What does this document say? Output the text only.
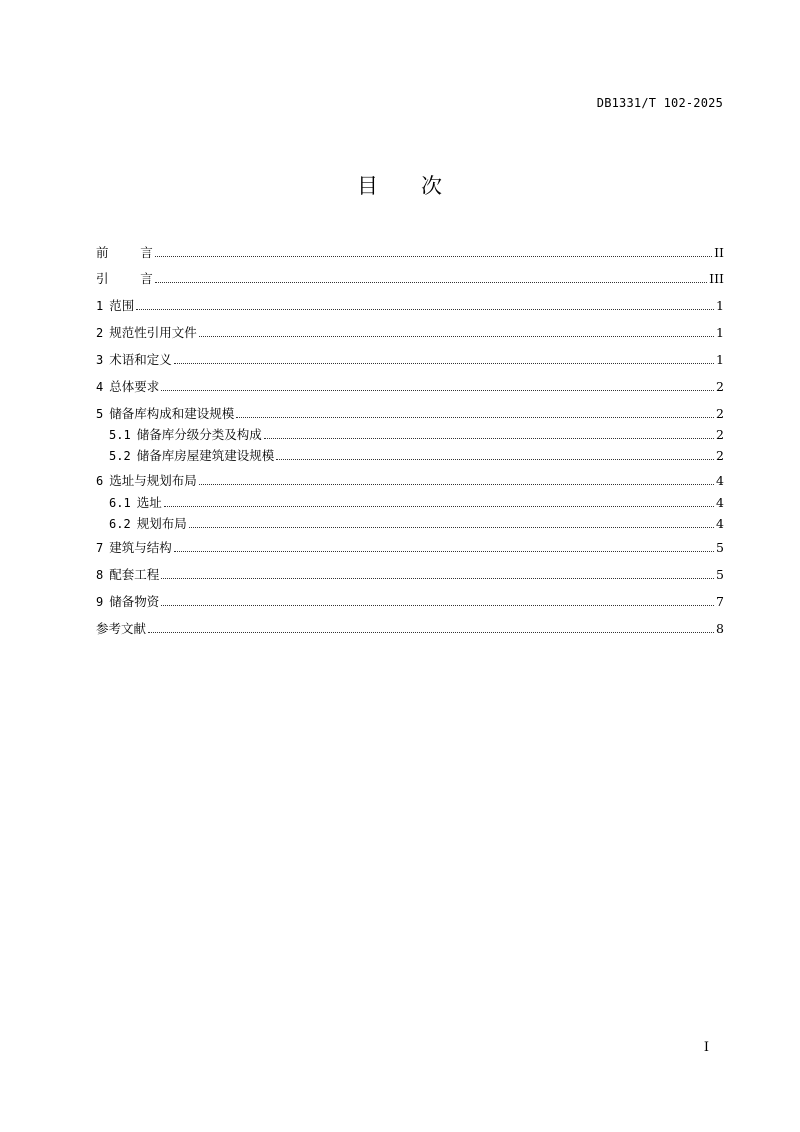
DB1331/T 102-2025
目 次
前        言	II
引        言	III
1 范围	1
2 规范性引用文件	1
3 术语和定义	1
4 总体要求	2
5 储备库构成和建设规模	2
5.1 储备库分级分类及构成	2
5.2 储备库房屋建筑建设规模	2
6 选址与规划布局	4
6.1 选址	4
6.2 规划布局	4
7 建筑与结构	5
8 配套工程	5
9 储备物资	7
参考文献	8
I
